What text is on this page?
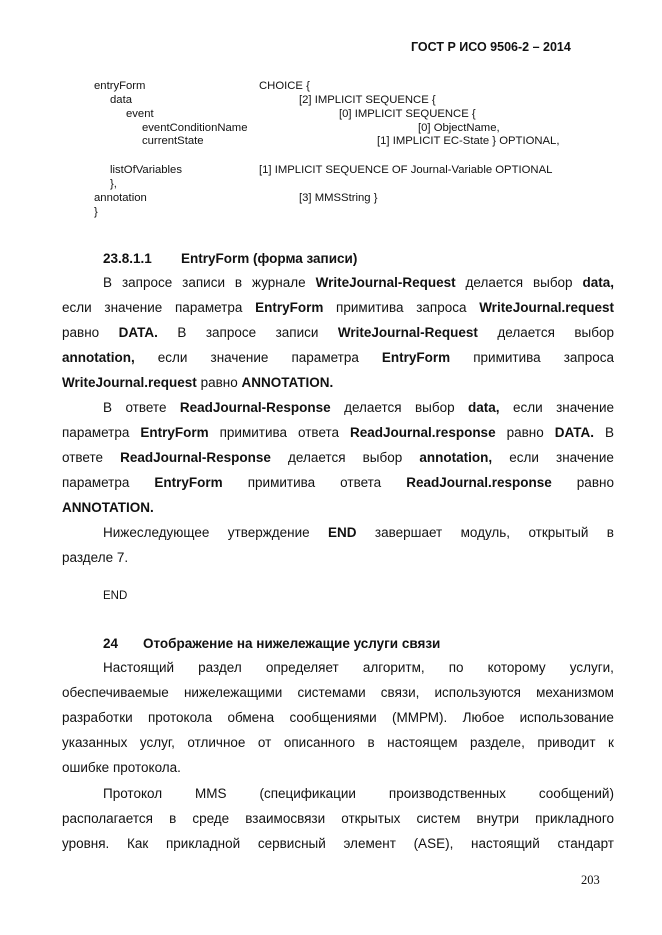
ГОСТ Р ИСО 9506-2 – 2014
entryForm	CHOICE {
data	[2] IMPLICIT SEQUENCE {
event	[0] IMPLICIT SEQUENCE {
eventConditionName	[0] ObjectName,
currentState	[1] IMPLICIT EC-State } OPTIONAL,
listOfVariables	[1] IMPLICIT SEQUENCE OF Journal-Variable OPTIONAL
},
annotation	[3] MMSString }
}
23.8.1.1 EntryForm (форма записи)
В запросе записи в журнале WriteJournal-Request делается выбор data,
если значение параметра EntryForm примитива запроса WriteJournal.request
равно DATA. В запросе записи WriteJournal-Request делается выбор
annotation, если значение параметра EntryForm примитива запроса
WriteJournal.request равно ANNOTATION.
В ответе ReadJournal-Response делается выбор data, если значение
параметра EntryForm примитива ответа ReadJournal.response равно DATA. В
ответе ReadJournal-Response делается выбор annotation, если значение
параметра EntryForm примитива ответа ReadJournal.response равно
ANNOTATION.
Нижеследующее утверждение END завершает модуль, открытый в
разделе 7.
END
24 Отображение на нижележащие услуги связи
Настоящий раздел определяет алгоритм, по которому услуги,
обеспечиваемые нижележащими системами связи, используются механизмом
разработки протокола обмена сообщениями (ММРМ). Любое использование
указанных услуг, отличное от описанного в настоящем разделе, приводит к
ошибке протокола.
Протокол MMS (спецификации производственных сообщений)
располагается в среде взаимосвязи открытых систем внутри прикладного
уровня. Как прикладной сервисный элемент (ASE), настоящий стандарт
203
